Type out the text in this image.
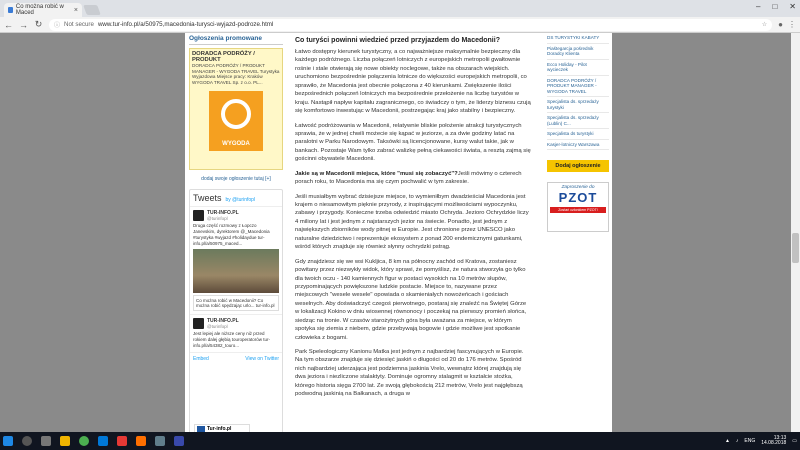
Co można robić w Maced	×	– □ ✕
← → ↻ ⓘ Not secure www.tur-info.pl/a/50975,macedonia-turysci-wyjazd-podroze.html	☆ ● ⋮
Ogłoszenia promowane
DORADCA PODRÓŻY / PRODUKT
DORADCA PODRÓŻY / PRODUKT MANAGER - WYGODA TRAVEL Turystyka Wyjazdowa Miejsce pracy: Kraków WYGODA TRAVEL Sp. z o.o. PL...
WYGODA
dodaj swoje ogłoszenie tutaj [+]
Tweets by @turinfopl
TUR-INFO.PL
@turinfopl
Druga część rozmowy z Łopczo Janevskim, dyrektorem @_Macedonia #turystyka #wyjazd #holidaydue tur-info.pl/a/50975_maced...
Co można robić w Macedonii? Co można robić spędzając urlo... tur-info.pl
TUR-INFO.PL
@turinfopl
Jest lepiej ale niższe ceny niż przed rokiem dalej głębią touroperatorów tur-info.pl/a/54382_touro...
Embed	View on Twitter
Co turyści powinni wiedzieć przed przyjazdem do Macedonii?

Łatwo dostępny kierunek turystyczny, a co najważniejsze maksymalnie bezpieczny dla każdego podróżnego. Liczba połączeń lotniczych z europejskich metropolii gwałtownie rośnie i stale otwierają się nowe obiekty noclegowe, także na obszarach wiejskich. uruchomiono bezpośrednie połączenia lotnicze do większości europejskich metropolii, co sprawiło, że Macedonia jest obecnie połączona z 40 kierunkami. Zwiększenie ilości bezpośrednich połączeń lotniczych ma bezpośrednie przełożenie na liczbę turystów w kraju. Nastąpił napływ kapitału zagranicznego, co świadczy o tym, że liderzy biznesu czują się komfortowo inwestując w Macedonii, postrzegając kraj jako stabilny i bezpieczny.

Łatwość podróżowania w Macedonii, relatywnie bliskie położenie atrakcji turystycznych sprawia, że w jednej chwili możecie się kąpać w jeziorze, a za dwie godziny latać na paralotni w Parku Narodowym. Taksówki są licencjonowane, kursy walut takie, jak w bankach. Pozostaje Wam tylko zabrać walizkę pełną ciekawości świata, a resztą zajmą się gościnni obywatele Macedonii.

Jakie są w Macedonii miejsca, które "musi się zobaczyć"?Jeśli mówimy o czterech porach roku, to Macedonia ma się czym pochwalić w tym zakresie.

Jeśli musiałbym wybrać dzisiejsze miejsce, to wymieniłbym dwadzieściał Macedonia jest krajem o niesamowitym pięknie przyrody, z inspirującymi możliwościami wypoczynku, zabawy i przygody. Konieczne trzeba odwiedzić miasto Ochryda. Jezioro Ochrydzkie liczy 4 miliony lat i jest jednym z najstarszych jezior na świecie. Ponadto, jest jednym z największych zbiorników wody pitnej w Europie. Jest chronione przez UNESCO jako naturalne dziedzictwo i reprezentuje ekosystem z ponad 200 endemicznymi gatunkami, wśród których znajduje się również słynny ochrydzki pstrąg.

Gdy znajdziesz się we wsi Kukljica, 8 km na północny zachód od Kratova, zostaniesz powitany przez niezwykły widok, który sprawi, że pomyślisz, że natura stworzyła go tylko dla twoich oczu - 140 kamiennych figur w postaci wysokich na 10 metrów słupów, przypominających powiększone ludzkie postacie. Miejsce to, nazywane przez miejscowych "wesele wesele" opowiada o skamieniałych nowożeńcach i gościach weselnych. Aby doświadczyć czegoś pierwotnego, postaraj się znaleźć na Świętej Górze w lokalizacji Kokino w dniu wiosennej równonocy i poczekaj na pierwszy promień słońca, siedząc na tronie. W czasów starożytnych góra była uważana za miejsce, w którym spotyka się ziemia z niebem, gdzie przebywają bogowie i gdzie możliwe jest spotkanie człowieka z bogami.

Park Speleologiczny Kanionu Matka jest jednym z najbardziej fascynujących w Europie. Na tym obszarze znajduje się dziesięć jaskiń o długości od 20 do 176 metrów. Spośród nich najbardziej uderzająca jest podziemna jaskinia Vrelo, wewnątrz której znajdują się dwa jeziora i niezliczone stalaktyty. Dominuje ogromny stalagmit w kształcie stożka, którego historia sięga 2700 lat. Ze swoją głębokością 212 metrów, Vrelo jest najgłębszą podwodną jaskinią na Bałkanach, a druga w

DS TURYSTYKI KABATY
Piaśtegarcja pośrednik Doradcy Klienta
Ecco Holiday - Pilot wycieczek
DORADCA PODRÓŻY / PRODUKT MANAGER - WYGODA TRAVEL
Specjalista ds. sprzedaży turystyki
Specjalista ds. sprzedaży (Lublin) C...
Specjalista ds turystyki
Kasjer-lotniczy Warszawa
Dodaj ogłoszenie
Zaproszenie do
PZOT
Zostań członkiem PZOT!
Tur-info.pl
▲ ♪ ENG
13:13
14.08.2018 ▭
